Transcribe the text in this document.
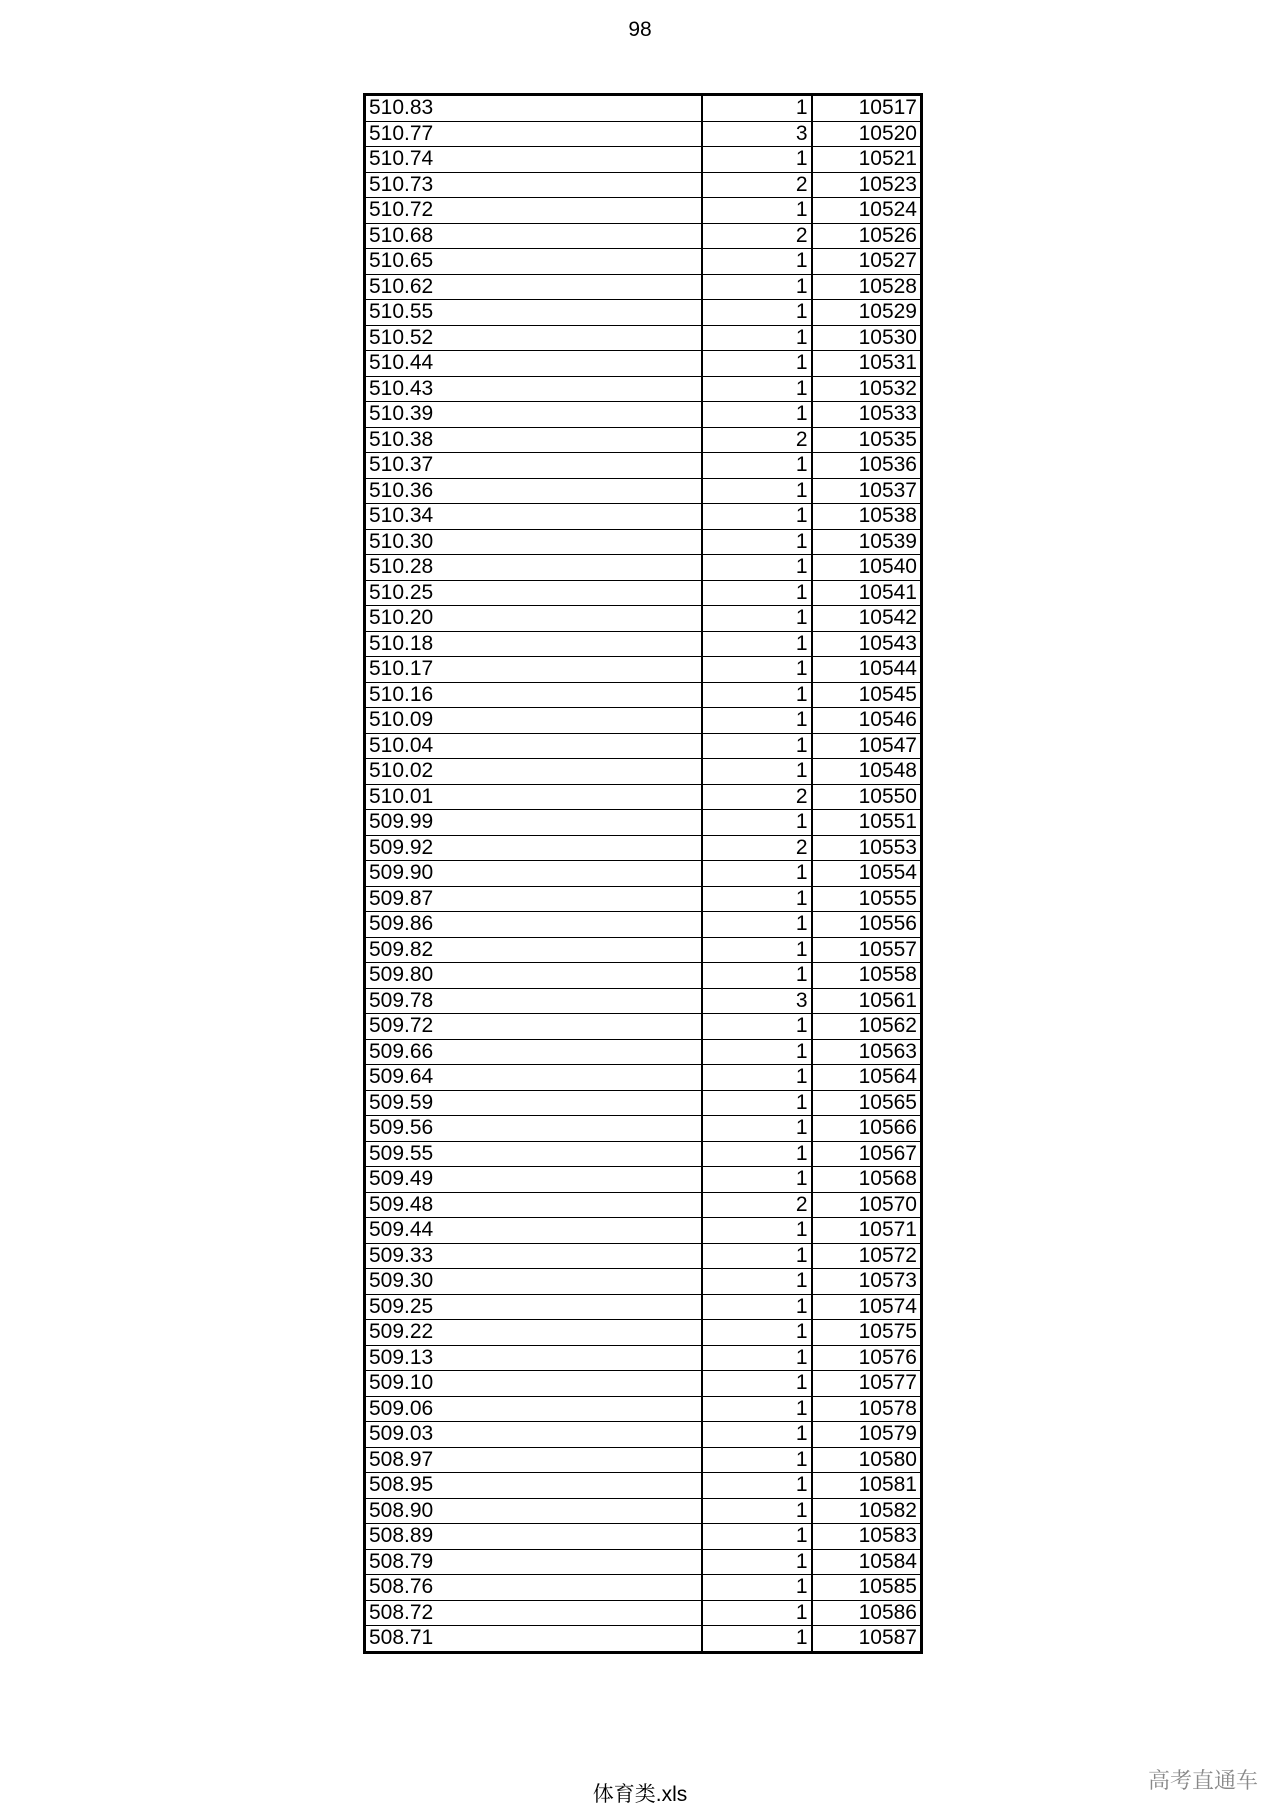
98
510.83	1	10517
510.77	3	10520
510.74	1	10521
510.73	2	10523
510.72	1	10524
510.68	2	10526
510.65	1	10527
510.62	1	10528
510.55	1	10529
510.52	1	10530
510.44	1	10531
510.43	1	10532
510.39	1	10533
510.38	2	10535
510.37	1	10536
510.36	1	10537
510.34	1	10538
510.30	1	10539
510.28	1	10540
510.25	1	10541
510.20	1	10542
510.18	1	10543
510.17	1	10544
510.16	1	10545
510.09	1	10546
510.04	1	10547
510.02	1	10548
510.01	2	10550
509.99	1	10551
509.92	2	10553
509.90	1	10554
509.87	1	10555
509.86	1	10556
509.82	1	10557
509.80	1	10558
509.78	3	10561
509.72	1	10562
509.66	1	10563
509.64	1	10564
509.59	1	10565
509.56	1	10566
509.55	1	10567
509.49	1	10568
509.48	2	10570
509.44	1	10571
509.33	1	10572
509.30	1	10573
509.25	1	10574
509.22	1	10575
509.13	1	10576
509.10	1	10577
509.06	1	10578
509.03	1	10579
508.97	1	10580
508.95	1	10581
508.90	1	10582
508.89	1	10583
508.79	1	10584
508.76	1	10585
508.72	1	10586
508.71	1	10587
体育类.xls
高考直通车
